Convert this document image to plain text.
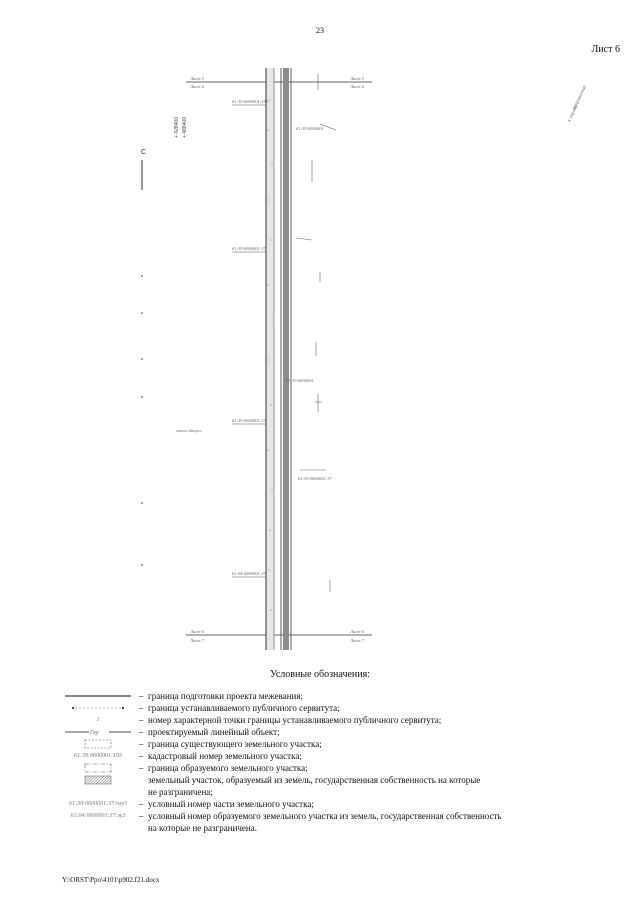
23
Лист 6
Лист 5
Лист 6
Лист 5
Лист 6
Лист 6
Лист 7
Лист 6
Лист 7
61:39:0600001:193
61:39:0600001:37
61:39:0600001:37
61:04:0600001:37
земли общего
61:39:0600001
61:39:0600001
61:39:0600001:37
+ 428400 + 488400
С
направление
к городу
Условные обозначения:
– граница подготовки проекта межевания;
– граница устанавливаемого публичного сервитута;
1	– номер характерной точки границы устанавливаемого публичного сервитута;
Гвр	– проектируемый линейный объект;
– граница существующего земельного участка;
61:39:0600001:193	– кадастровый номер земельного участка;
– граница образуемого земельного участка;
земельный участок, образуемый из земель, государственная собственность на которые
не разграничена;
61:39:0600001:37:чзу3	– условный номер части земельного участка;
61:04:0600001:37:зу3	– условный номер образуемого земельного участка из земель, государственная собственность
на которые не разграничена.
Y:\ORST\Ppo\4101\p902.f21.docx
